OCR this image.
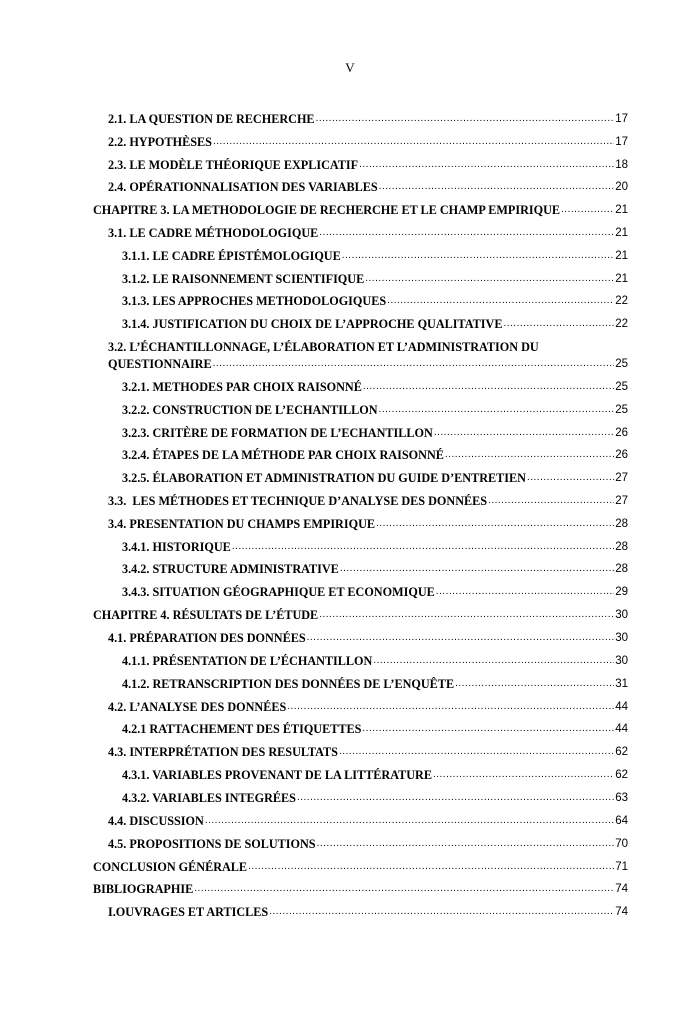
V
2.1. LA QUESTION DE RECHERCHE .....	17
2.2. HYPOTHÈSES .....	17
2.3. LE MODÈLE THÉORIQUE EXPLICATIF .....	18
2.4. OPÉRATIONNALISATION DES VARIABLES .....	20
CHAPITRE 3. LA METHODOLOGIE DE RECHERCHE ET LE CHAMP EMPIRIQUE .....	21
3.1. LE CADRE MÉTHODOLOGIQUE .....	21
3.1.1. LE CADRE ÉPISTÉMOLOGIQUE .....	21
3.1.2. LE RAISONNEMENT SCIENTIFIQUE .....	21
3.1.3. LES APPROCHES METHODOLOGIQUES .....	22
3.1.4. JUSTIFICATION DU CHOIX DE L’APPROCHE QUALITATIVE .....	22
3.2. L’ÉCHANTILLONNAGE, L’ÉLABORATION ET L’ADMINISTRATION DU
QUESTIONNAIRE .....	25
3.2.1. METHODES PAR CHOIX RAISONNÉ .....	25
3.2.2. CONSTRUCTION DE L’ECHANTILLON .....	25
3.2.3. CRITÈRE DE FORMATION DE L’ECHANTILLON .....	26
3.2.4. ÉTAPES DE LA MÉTHODE PAR CHOIX RAISONNÉ .....	26
3.2.5. ÉLABORATION ET ADMINISTRATION DU GUIDE D’ENTRETIEN .....	27
3.3.  LES MÉTHODES ET TECHNIQUE D’ANALYSE DES DONNÉES .....	27
3.4. PRESENTATION DU CHAMPS EMPIRIQUE .....	28
3.4.1. HISTORIQUE .....	28
3.4.2. STRUCTURE ADMINISTRATIVE .....	28
3.4.3. SITUATION GÉOGRAPHIQUE ET ECONOMIQUE .....	29
CHAPITRE 4. RÉSULTATS DE L’ÉTUDE .....	30
4.1. PRÉPARATION DES DONNÉES .....	30
4.1.1. PRÉSENTATION DE L’ÉCHANTILLON .....	30
4.1.2. RETRANSCRIPTION DES DONNÉES DE L’ENQUÊTE .....	31
4.2. L’ANALYSE DES DONNÉES .....	44
4.2.1 RATTACHEMENT DES ÉTIQUETTES .....	44
4.3. INTERPRÉTATION DES RESULTATS .....	62
4.3.1. VARIABLES PROVENANT DE LA LITTÉRATURE .....	62
4.3.2. VARIABLES INTEGRÉES .....	63
4.4. DISCUSSION .....	64
4.5. PROPOSITIONS DE SOLUTIONS .....	70
CONCLUSION GÉNÉRALE .....	71
BIBLIOGRAPHIE .....	74
I.OUVRAGES ET ARTICLES .....	74
